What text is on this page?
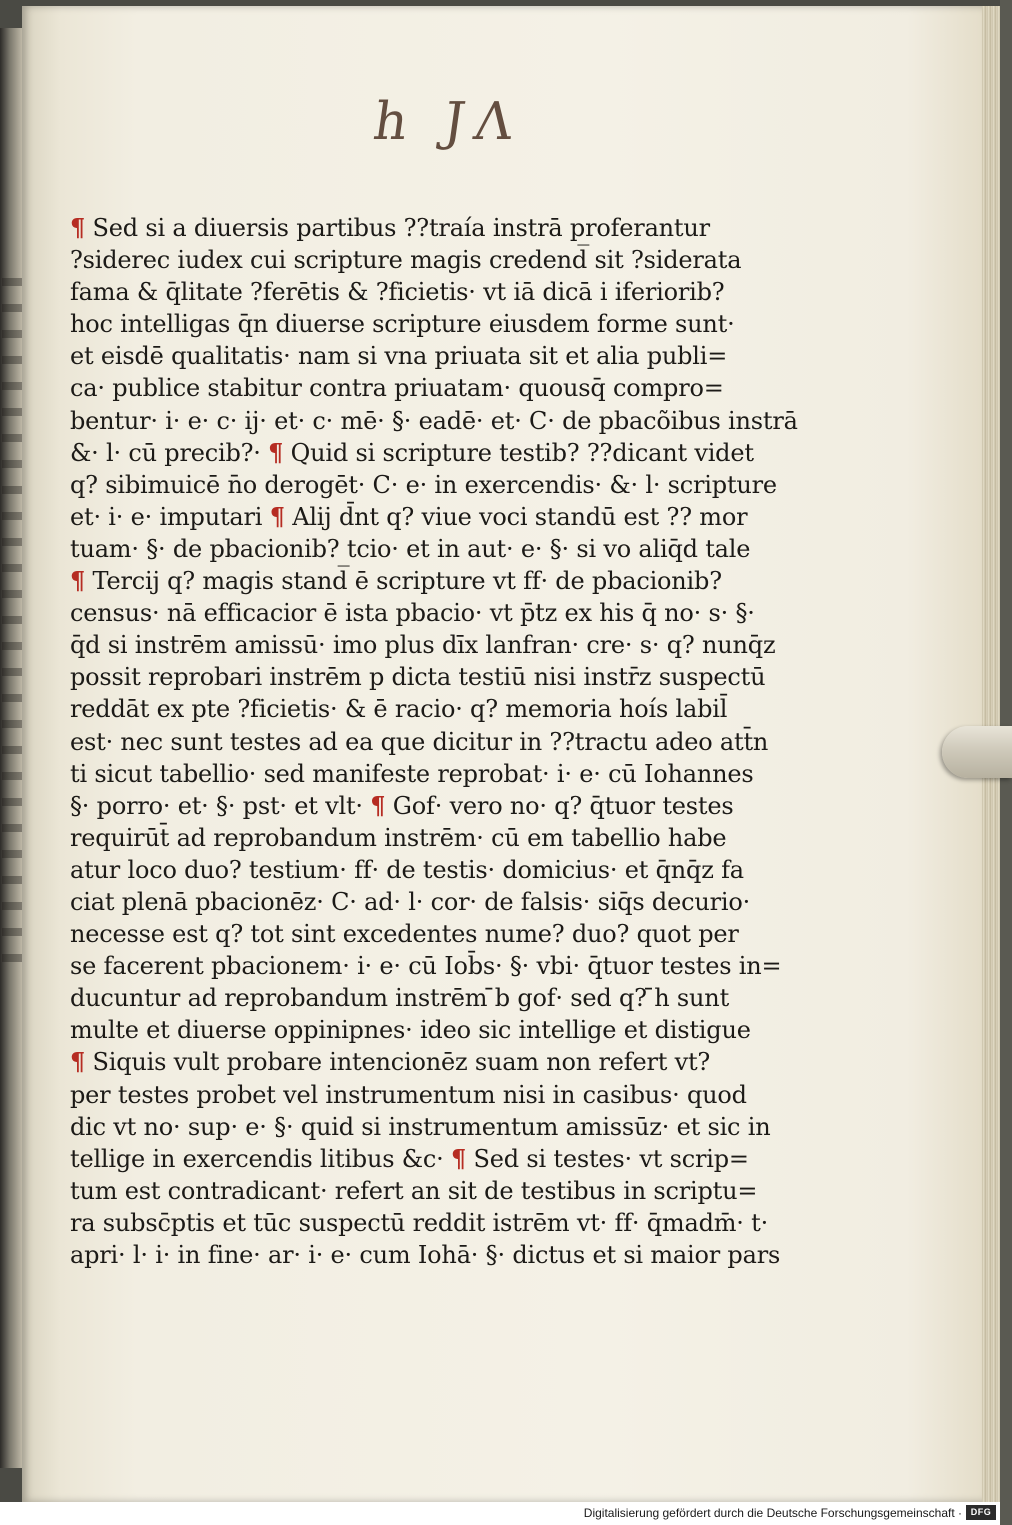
h JΛ
¶ Sed si a diuersis partibus ??traía instrā proferantur
?siderec iudex cui scripture magis credend̅ sit ?siderata
fama & q̄litate ?ferētis & ?ficietis· vt iā dicā i iferiorib?
hoc intelligas q̄n diuerse scripture eiusdem forme sunt·
et eisdē qualitatis· nam si vna priuata sit et alia publi=
ca· publice stabitur contra priuatam· quousq̄ compro=
bentur· i· e· c· ij· et· c· mē· §· eadē· et· C· de pbacõibus instrā
&· l· cū precib?· ¶ Quid si scripture testib? ??dicant videt
q? sibimuicē n̄o derogēt· C· e· in exercendis· &· l· scripture
et· i· e· imputari ¶ Alij d̄nt q? viue voci standū est ?? mor
tuam· §· de pbacionib? tcio· et in aut· e· §· si vo aliq̄d tale
¶ Tercij q? magis stand̅ ē scripture vt ff· de pbacionib?
census· nā efficacior ē ista pbacio· vt p̄tz ex his q̄ no· s· §·
q̄d si instrēm amissū· imo plus dīx lanfran· cre· s· q? nunq̄z
possit reprobari instrēm p dicta testiū nisi instr̄z suspectū
reddāt ex pte ?ficietis· & ē racio· q? memoria hoís labil̄
est· nec sunt testes ad ea que dicitur in ??tractu adeo att̄n
ti sicut tabellio· sed manifeste reprobat· i· e· cū Iohannes
§· porro· et· §· pst· et vlt· ¶ Gof· vero no· q? q̄tuor testes
requirūt̄ ad reprobandum instrēm· cū em tabellio habe
atur loco duo? testium· ff· de testis· domicius· et q̄nq̄z fa
ciat plenā pbacionēz· C· ad· l· cor· de falsis· siq̄s decurio·
necesse est q? tot sint excedentes nume? duo? quot per
se facerent pbacionem· i· e· cū Iob̄s· §· vbi· q̄tuor testes in=
ducuntur ad reprobandum instrēm ̄b gof· sed q? ̄h sunt
multe et diuerse oppinipnes· ideo sic intellige et distigue
¶ Siquis vult probare intencionēz suam non refert vt?
per testes probet vel instrumentum nisi in casibus· quod
dic vt no· sup· e· §· quid si instrumentum amissūz· et sic in
tellige in exercendis litibus &c· ¶ Sed si testes· vt scrip=
tum est contradicant· refert an sit de testibus in scriptu=
ra subsc̄ptis et tūc suspectū reddit istrēm vt· ff· q̄madm̄· t·
apri· l· i· in fine· ar· i· e· cum Iohā· §· dictus et si maior pars
Digitalisierung gefördert durch die Deutsche Forschungsgemeinschaft · DFG
